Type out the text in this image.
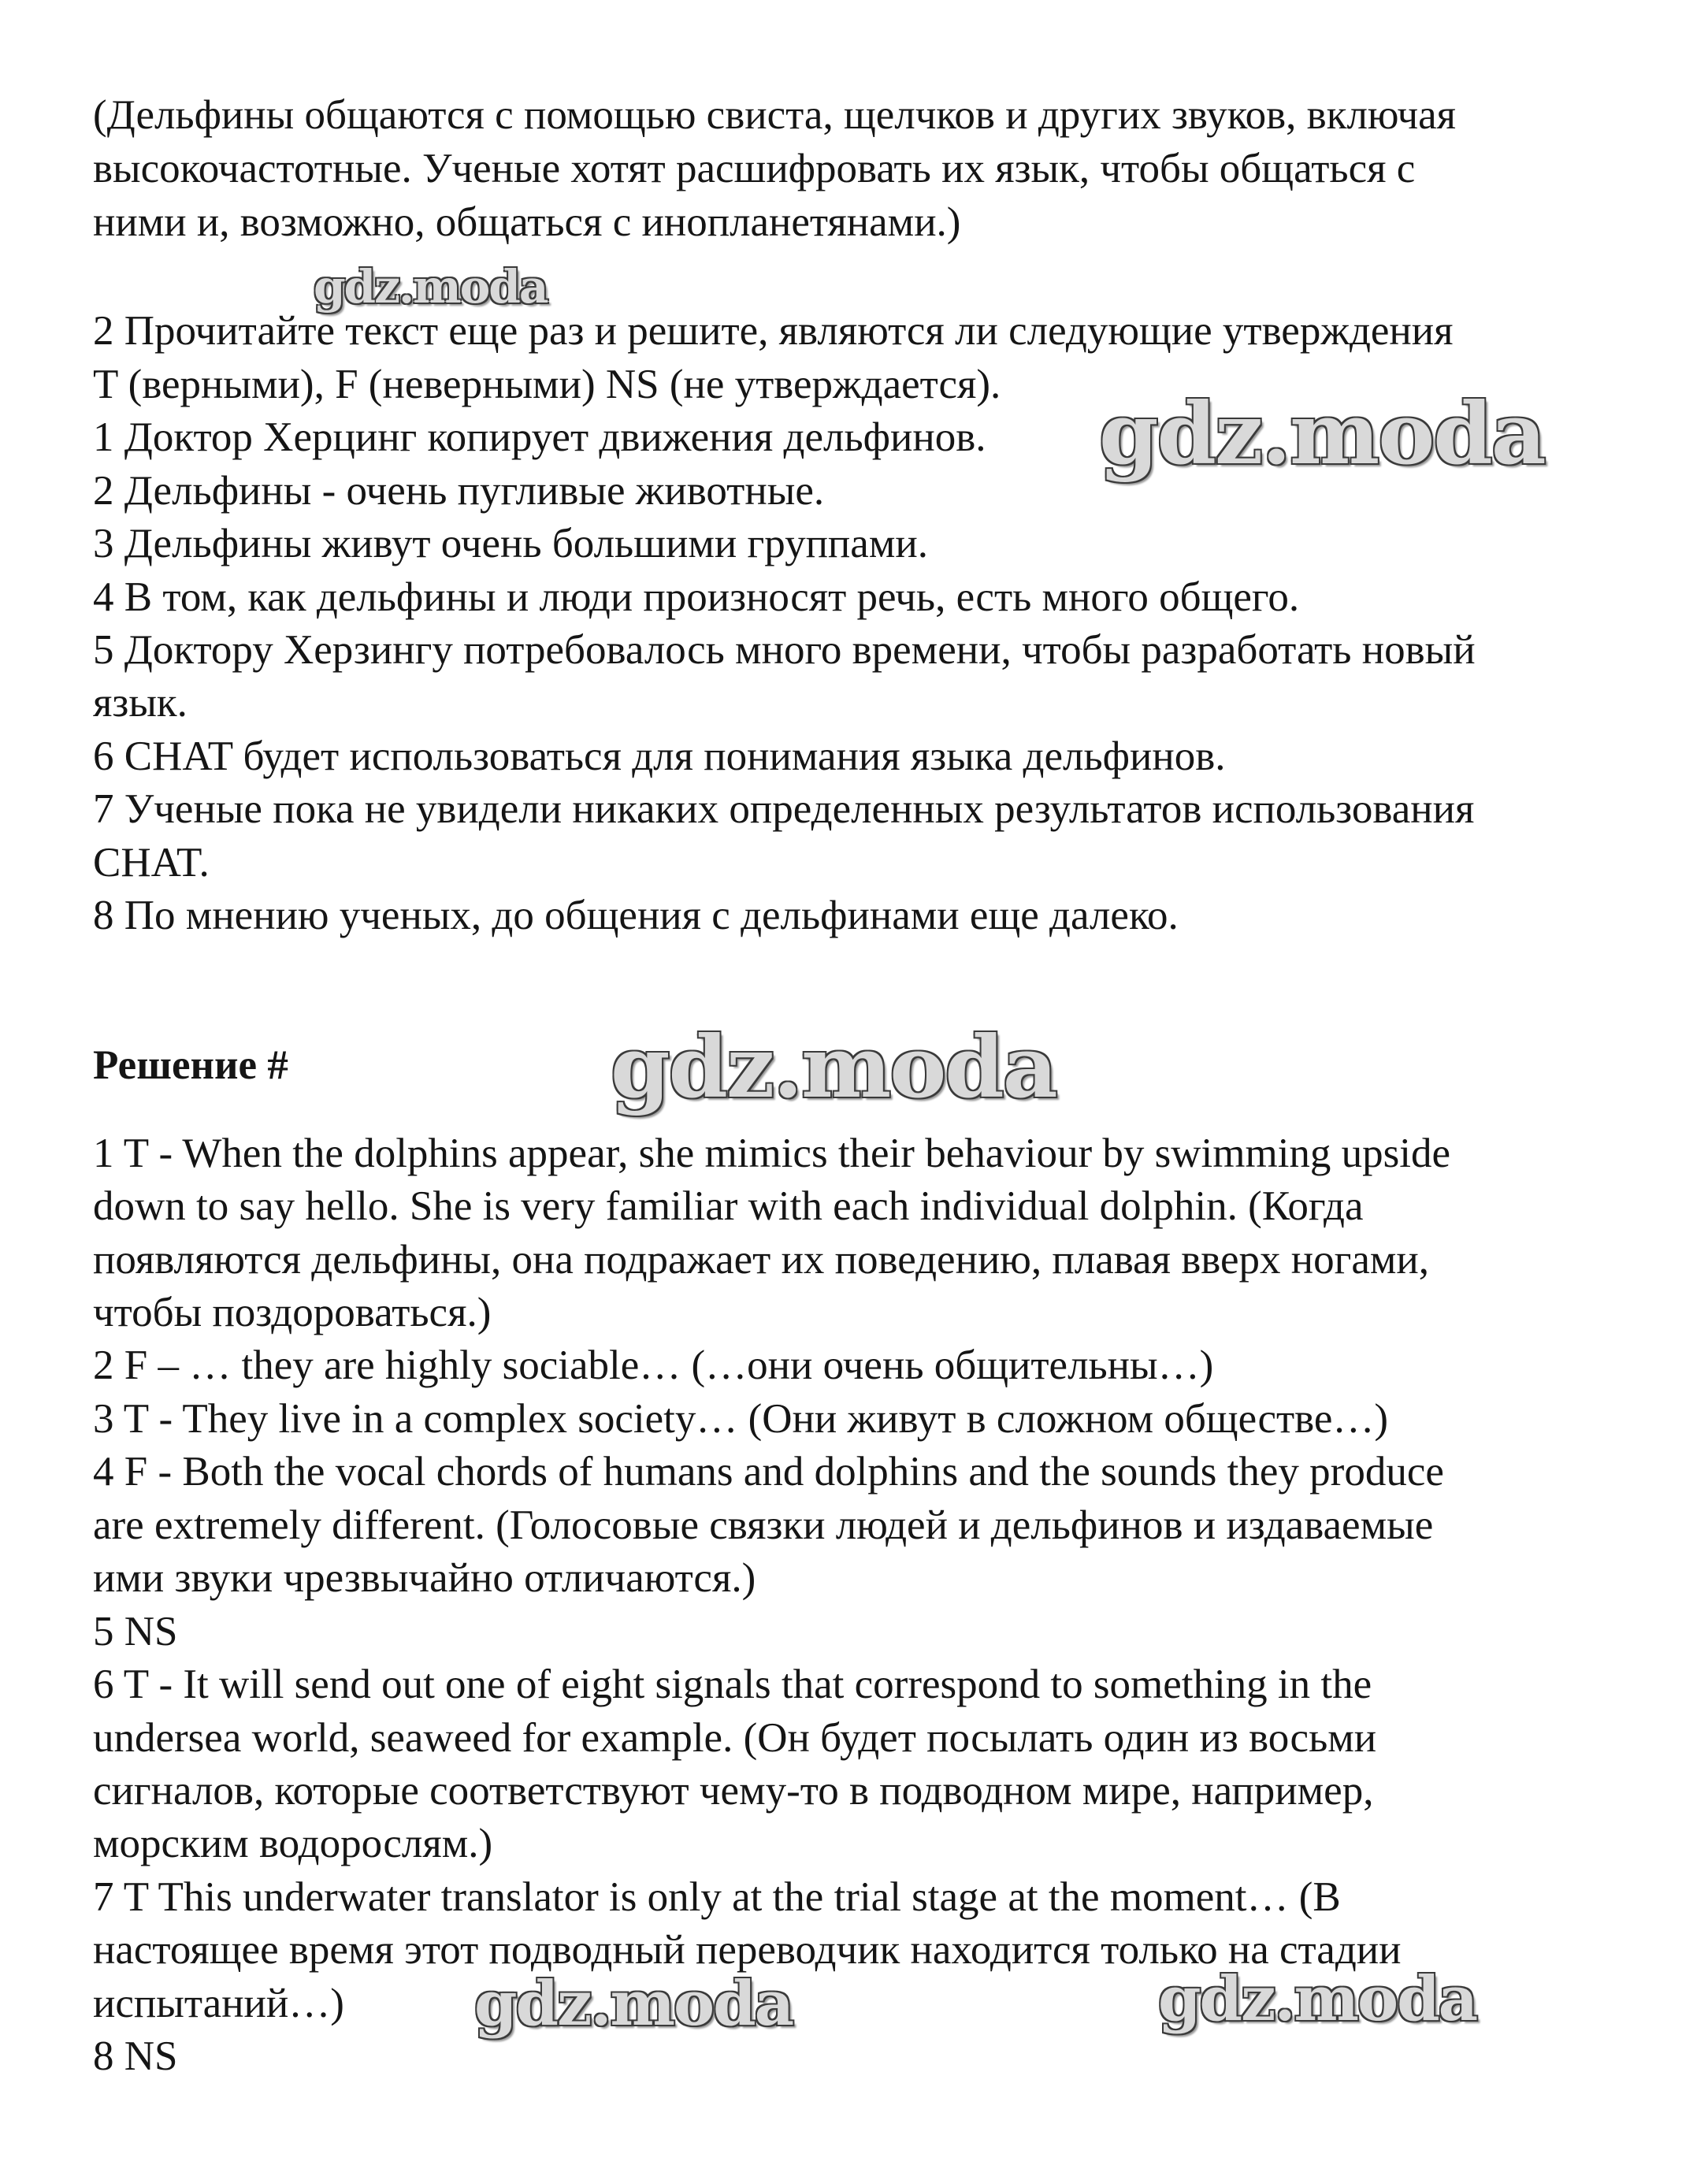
(Дельфины общаются с помощью свиста, щелчков и других звуков, включая
высокочастотные. Ученые хотят расшифровать их язык, чтобы общаться с
ними и, возможно, общаться с инопланетянами.)
2 Прочитайте текст еще раз и решите, являются ли следующие утверждения
T (верными), F (неверными) NS (не утверждается).
1 Доктор Херцинг копирует движения дельфинов.
2 Дельфины - очень пугливые животные.
3 Дельфины живут очень большими группами.
4 В том, как дельфины и люди произносят речь, есть много общего.
5 Доктору Херзингу потребовалось много времени, чтобы разработать новый
язык.
6 CHAT будет использоваться для понимания языка дельфинов.
7 Ученые пока не увидели никаких определенных результатов использования
CHAT.
8 По мнению ученых, до общения с дельфинами еще далеко.
Решение #
1 T - When the dolphins appear, she mimics their behaviour by swimming upside
down to say hello. She is very familiar with each individual dolphin. (Когда
появляются дельфины, она подражает их поведению, плавая вверх ногами,
чтобы поздороваться.)
2 F – … they are highly sociable… (…они очень общительны…)
3 T - They live in a complex society… (Они живут в сложном обществе…)
4 F - Both the vocal chords of humans and dolphins and the sounds they produce
are extremely different. (Голосовые связки людей и дельфинов и издаваемые
ими звуки чрезвычайно отличаются.)
5 NS
6 T - It will send out one of eight signals that correspond to something in the
undersea world, seaweed for example. (Он будет посылать один из восьми
сигналов, которые соответствуют чему-то в подводном мире, например,
морским водорослям.)
7 T This underwater translator is only at the trial stage at the moment… (В
настоящее время этот подводный переводчик находится только на стадии
испытаний…)
8 NS
gdz.moda
gdz.moda
gdz.moda
gdz.moda	gdz.moda
